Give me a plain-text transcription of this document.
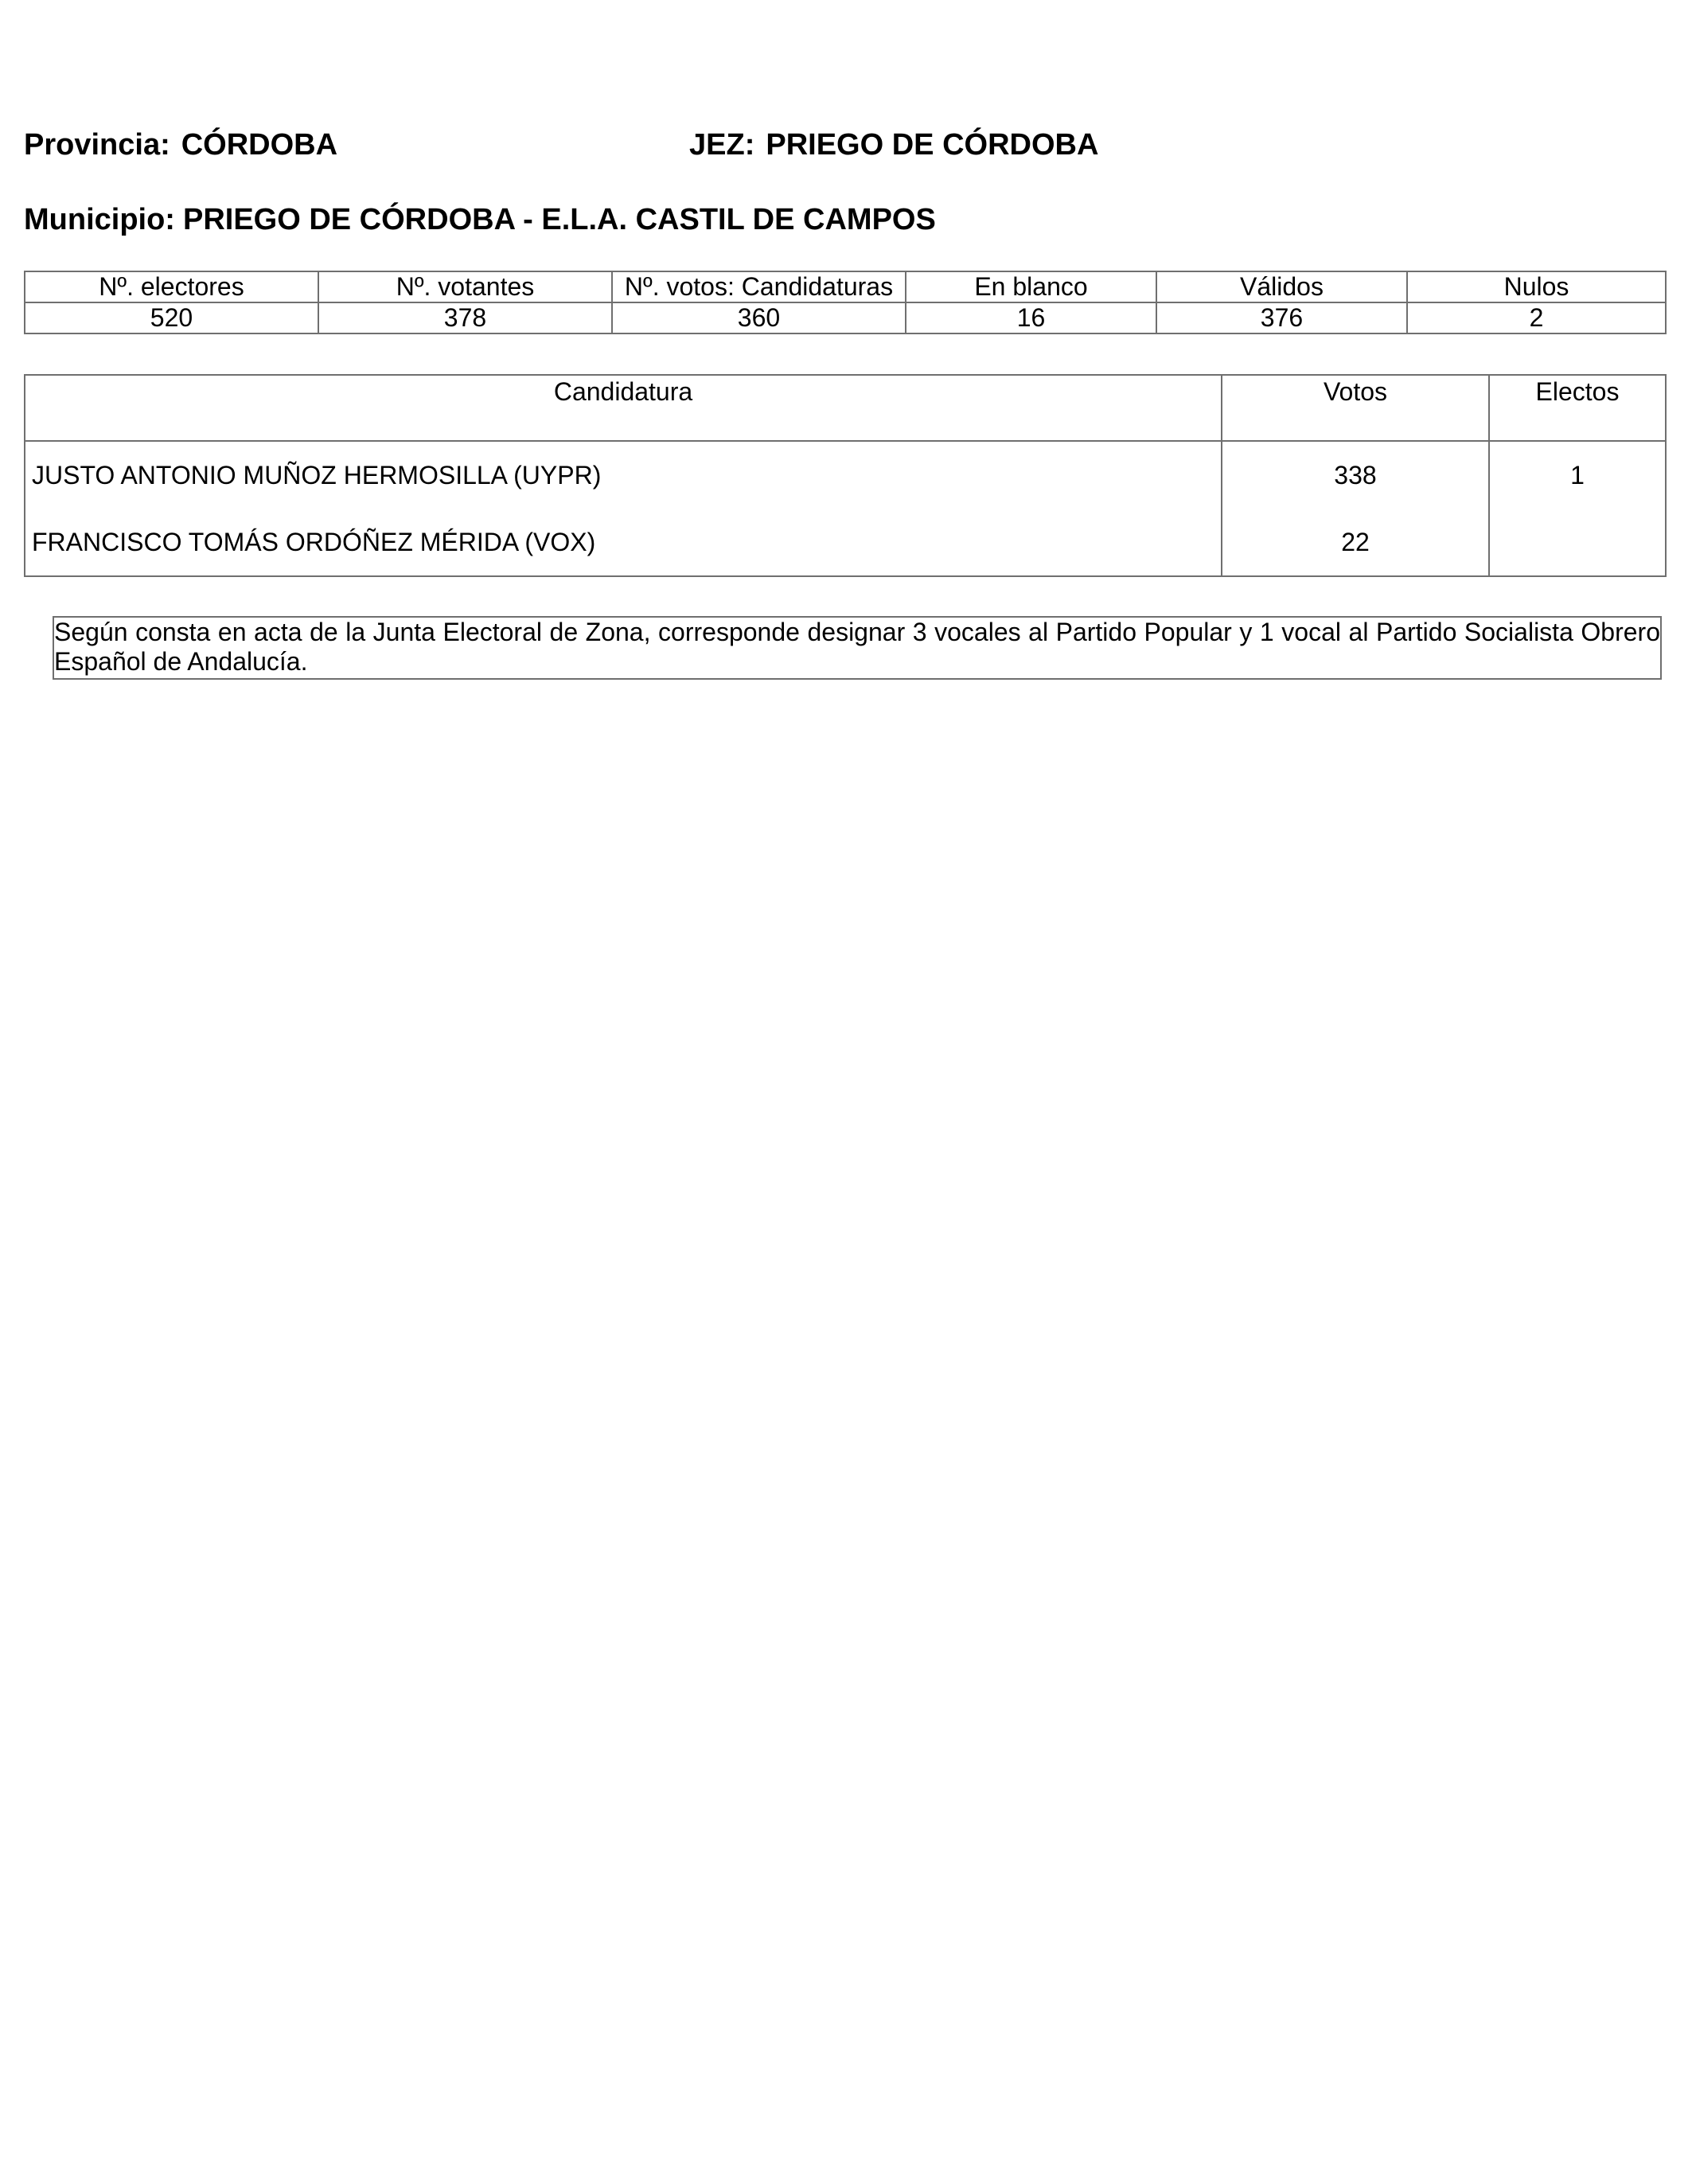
Provincia: CÓRDOBA	JEZ: PRIEGO DE CÓRDOBA
Municipio: PRIEGO DE CÓRDOBA - E.L.A. CASTIL DE CAMPOS
Nº. electores	Nº. votantes	Nº. votos: Candidaturas	En blanco	Válidos	Nulos
520	378	360	16	376	2
Candidatura	Votos	Electos
JUSTO ANTONIO MUÑOZ HERMOSILLA (UYPR)	338	1
FRANCISCO TOMÁS ORDÓÑEZ MÉRIDA (VOX)	22	
Según consta en acta de la Junta Electoral de Zona, corresponde designar 3 vocales al Partido Popular y 1 vocal al Partido Socialista Obrero Español de Andalucía.
